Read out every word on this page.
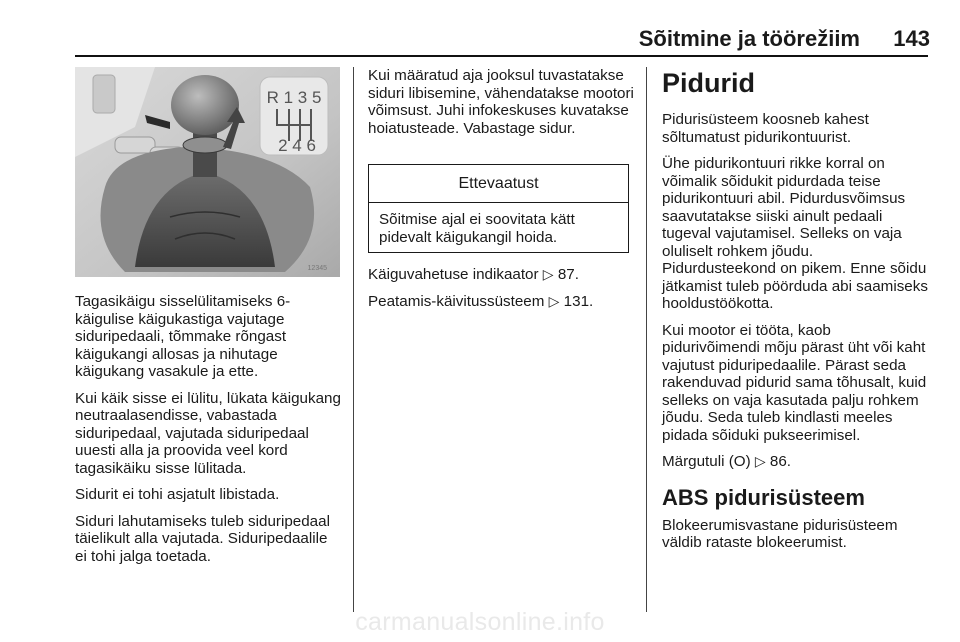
Sõitmine ja töörežiim	143
R 1 3 5
2 4 6
12345

Tagasikäigu sisselülitamiseks 6-käigulise käigukastiga vajutage siduripedaali, tõmmake rõngast käigukangi allosas ja nihutage käigukang vasakule ja ette.

Kui käik sisse ei lülitu, lükata käigukang neutraalasendisse, vabastada siduripedaal, vajutada siduripedaal uuesti alla ja proovida veel kord tagasikäiku sisse lülitada.

Sidurit ei tohi asjatult libistada.

Siduri lahutamiseks tuleb siduripedaal täielikult alla vajutada. Siduripedaalile ei tohi jalga toetada.

Kui määratud aja jooksul tuvastatakse siduri libisemine, vähendatakse mootori võimsust. Juhi infokeskuses kuvatakse hoiatusteade. Vabastage sidur.

Ettevaatust
Sõitmise ajal ei soovitata kätt pidevalt käigukangil hoida.

Käiguvahetuse indikaator ▷ 87.

Peatamis-käivitussüsteem ▷ 131.

Pidurid

Pidurisüsteem koosneb kahest sõltumatust pidurikontuurist.

Ühe pidurikontuuri rikke korral on võimalik sõidukit pidurdada teise pidurikontuuri abil. Pidurdusvõimsus saavutatakse siiski ainult pedaali tugeval vajutamisel. Selleks on vaja oluliselt rohkem jõudu. Pidurdusteekond on pikem. Enne sõidu jätkamist tuleb pöörduda abi saamiseks hooldustöökotta.

Kui mootor ei tööta, kaob pidurivõimendi mõju pärast üht või kaht vajutust piduripedaalile. Pärast seda rakenduvad pidurid sama tõhusalt, kuid selleks on vaja kasutada palju rohkem jõudu. Seda tuleb kindlasti meeles pidada sõiduki pukseerimisel.

Märgutuli (O) ▷ 86.

ABS pidurisüsteem

Blokeerumisvastane pidurisüsteem väldib rataste blokeerumist.

carmanualsonline.info
